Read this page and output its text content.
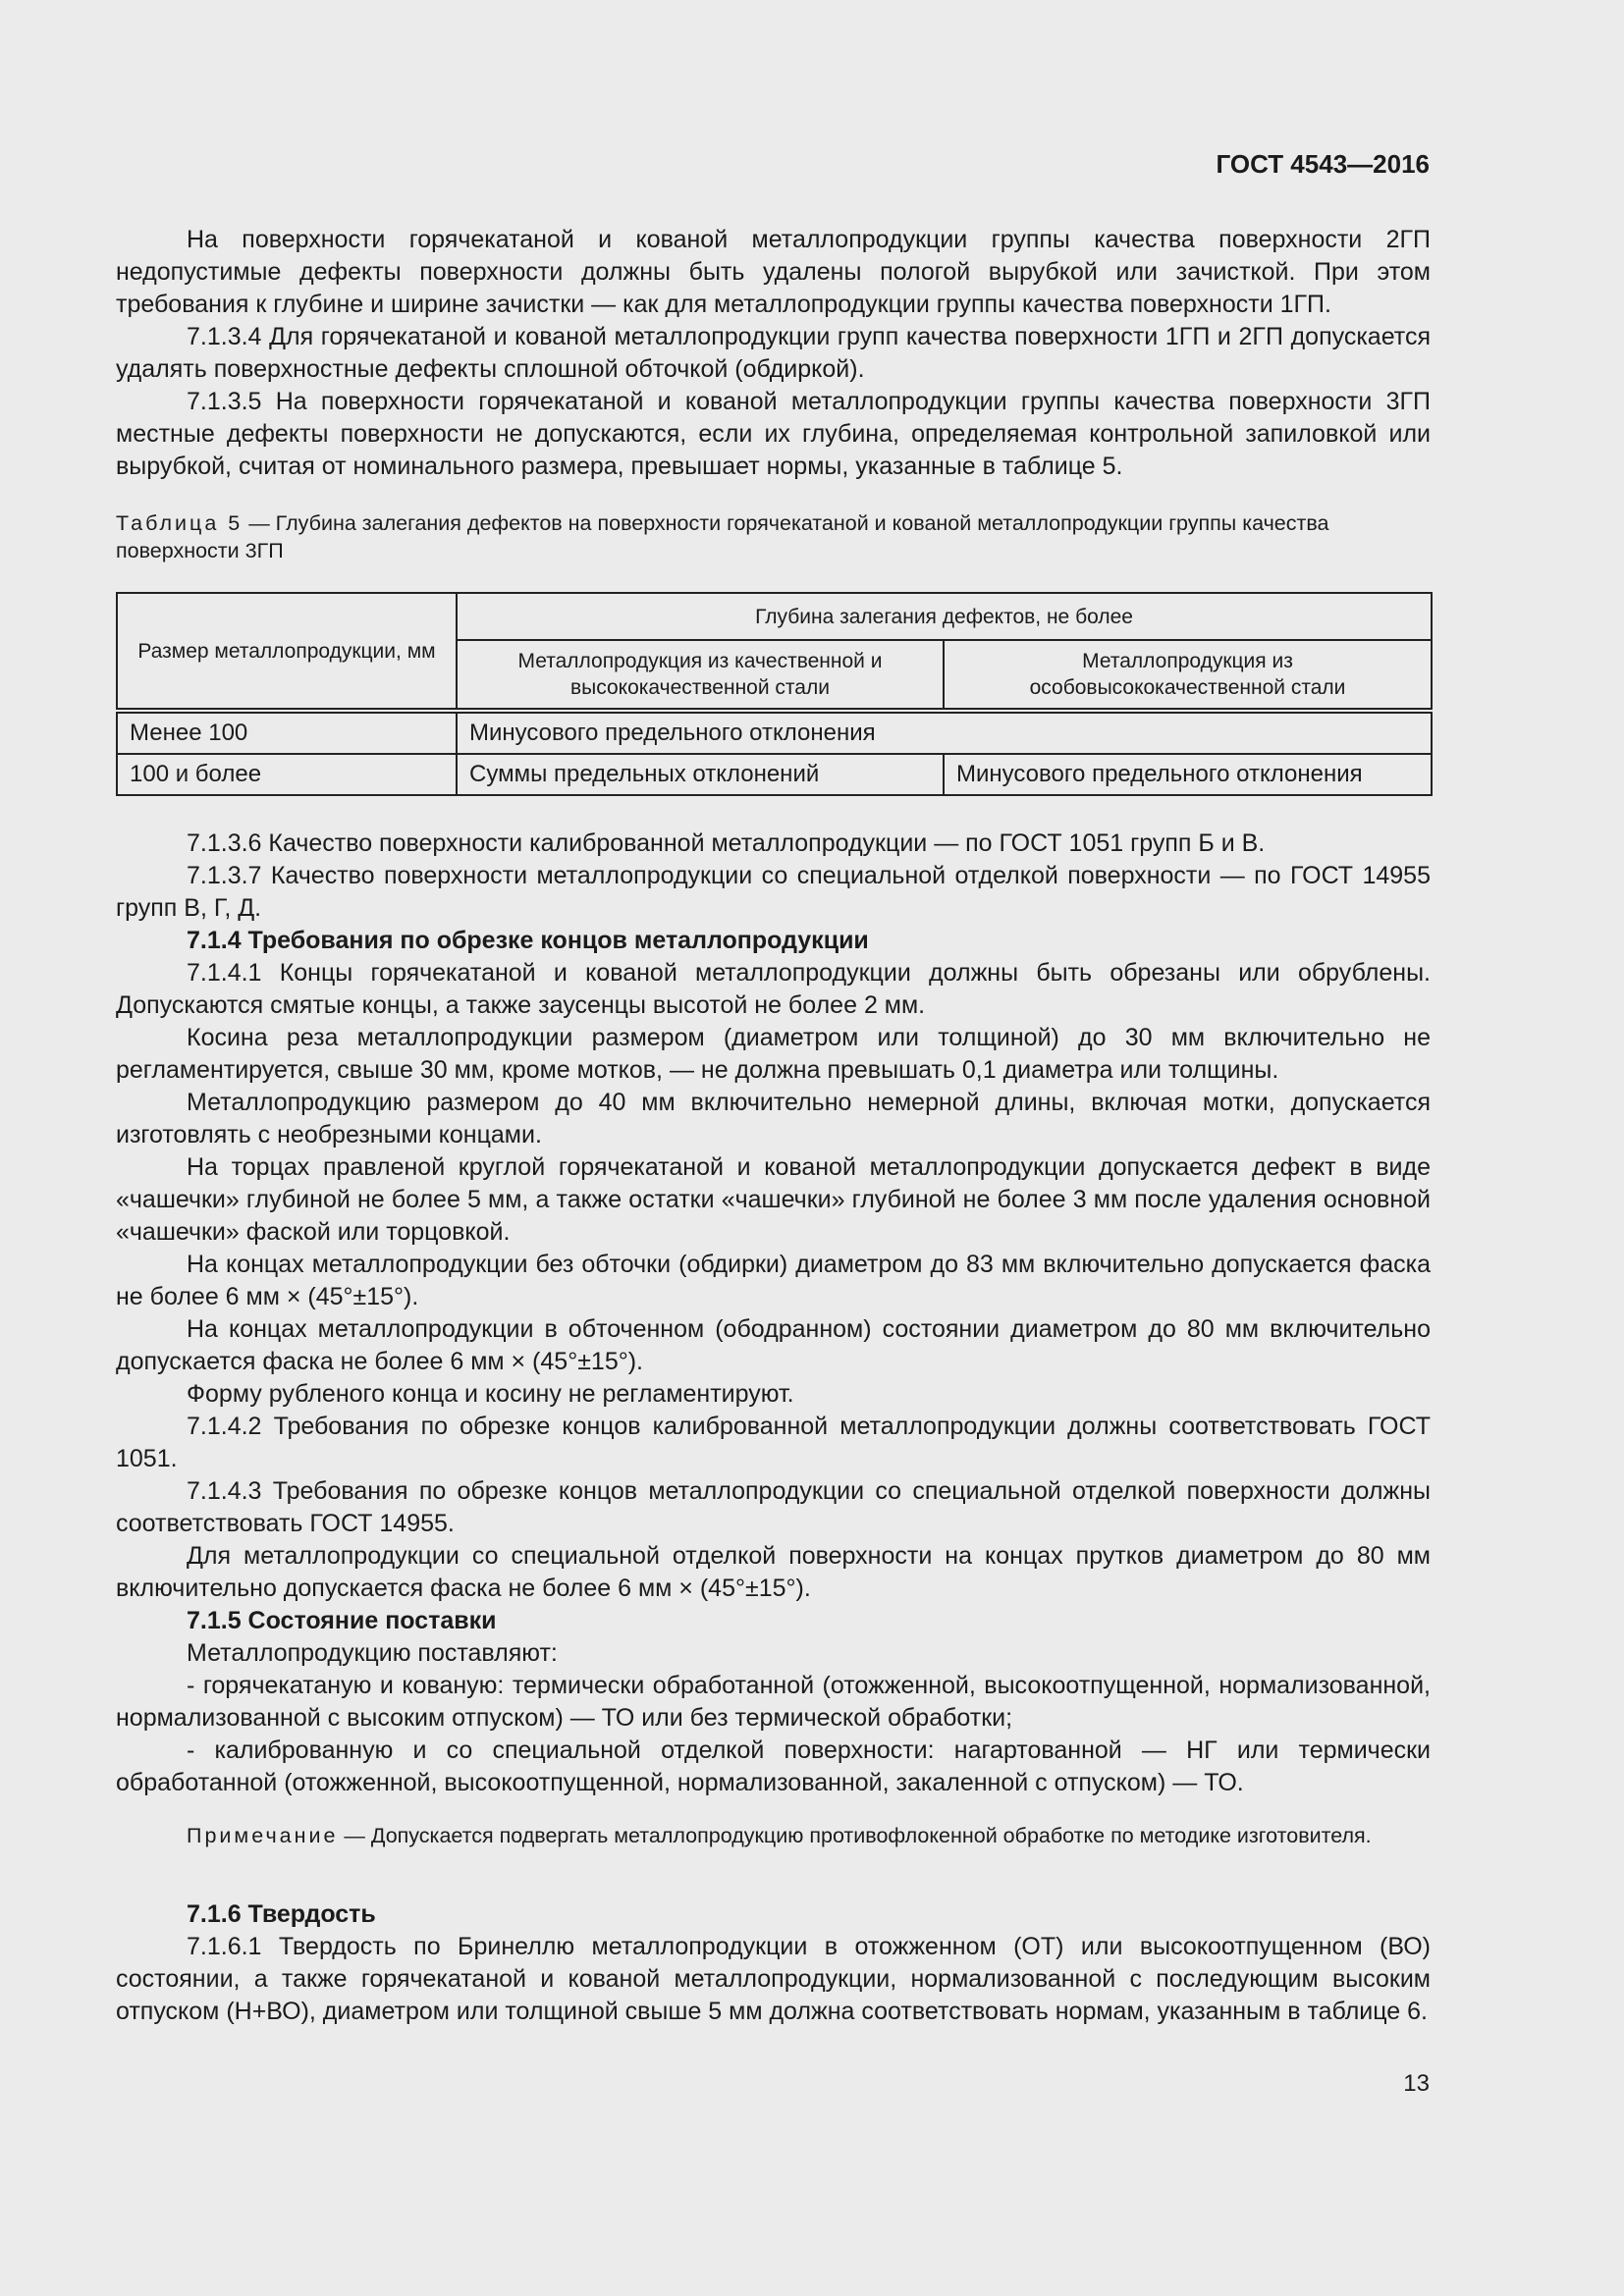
ГОСТ 4543—2016

На поверхности горячекатаной и кованой металлопродукции группы качества поверхности 2ГП недопустимые дефекты поверхности должны быть удалены пологой вырубкой или зачисткой. При этом требования к глубине и ширине зачистки — как для металлопродукции группы качества поверхности 1ГП.

7.1.3.4 Для горячекатаной и кованой металлопродукции групп качества поверхности 1ГП и 2ГП допускается удалять поверхностные дефекты сплошной обточкой (обдиркой).

7.1.3.5 На поверхности горячекатаной и кованой металлопродукции группы качества поверхности 3ГП местные дефекты поверхности не допускаются, если их глубина, определяемая контрольной запиловкой или вырубкой, считая от номинального размера, превышает нормы, указанные в таблице 5.

Таблица 5 — Глубина залегания дефектов на поверхности горячекатаной и кованой металлопродукции группы качества поверхности 3ГП

Размер металлопродукции, мм	Глубина залегания дефектов, не более	
	Металлопродукция из качественной и высококачественной стали	Металлопродукция из особовысококачественной стали
Менее 100	Минусового предельного отклонения	
100 и более	Суммы предельных отклонений	Минусового предельного отклонения

7.1.3.6 Качество поверхности калиброванной металлопродукции — по ГОСТ 1051 групп Б и В.

7.1.3.7 Качество поверхности металлопродукции со специальной отделкой поверхности — по ГОСТ 14955 групп В, Г, Д.

7.1.4 Требования по обрезке концов металлопродукции

7.1.4.1 Концы горячекатаной и кованой металлопродукции должны быть обрезаны или обрублены. Допускаются смятые концы, а также заусенцы высотой не более 2 мм.

Косина реза металлопродукции размером (диаметром или толщиной) до 30 мм включительно не регламентируется, свыше 30 мм, кроме мотков, — не должна превышать 0,1 диаметра или толщины.

Металлопродукцию размером до 40 мм включительно немерной длины, включая мотки, допускается изготовлять с необрезными концами.

На торцах правленой круглой горячекатаной и кованой металлопродукции допускается дефект в виде «чашечки» глубиной не более 5 мм, а также остатки «чашечки» глубиной не более 3 мм после удаления основной «чашечки» фаской или торцовкой.

На концах металлопродукции без обточки (обдирки) диаметром до 83 мм включительно допускается фаска не более 6 мм × (45°±15°).

На концах металлопродукции в обточенном (ободранном) состоянии диаметром до 80 мм включительно допускается фаска не более 6 мм × (45°±15°).

Форму рубленого конца и косину не регламентируют.

7.1.4.2 Требования по обрезке концов калиброванной металлопродукции должны соответствовать ГОСТ 1051.

7.1.4.3 Требования по обрезке концов металлопродукции со специальной отделкой поверхности должны соответствовать ГОСТ 14955.

Для металлопродукции со специальной отделкой поверхности на концах прутков диаметром до 80 мм включительно допускается фаска не более 6 мм × (45°±15°).

7.1.5 Состояние поставки

Металлопродукцию поставляют:

- горячекатаную и кованую: термически обработанной (отожженной, высокоотпущенной, нормализованной, нормализованной с высоким отпуском) — ТО или без термической обработки;

- калиброванную и со специальной отделкой поверхности: нагартованной — НГ или термически обработанной (отожженной, высокоотпущенной, нормализованной, закаленной с отпуском) — ТО.

Примечание — Допускается подвергать металлопродукцию противофлокенной обработке по методике изготовителя.

7.1.6 Твердость

7.1.6.1 Твердость по Бринеллю металлопродукции в отожженном (ОТ) или высокоотпущенном (ВО) состоянии, а также горячекатаной и кованой металлопродукции, нормализованной с последующим высоким отпуском (Н+ВО), диаметром или толщиной свыше 5 мм должна соответствовать нормам, указанным в таблице 6.

13
